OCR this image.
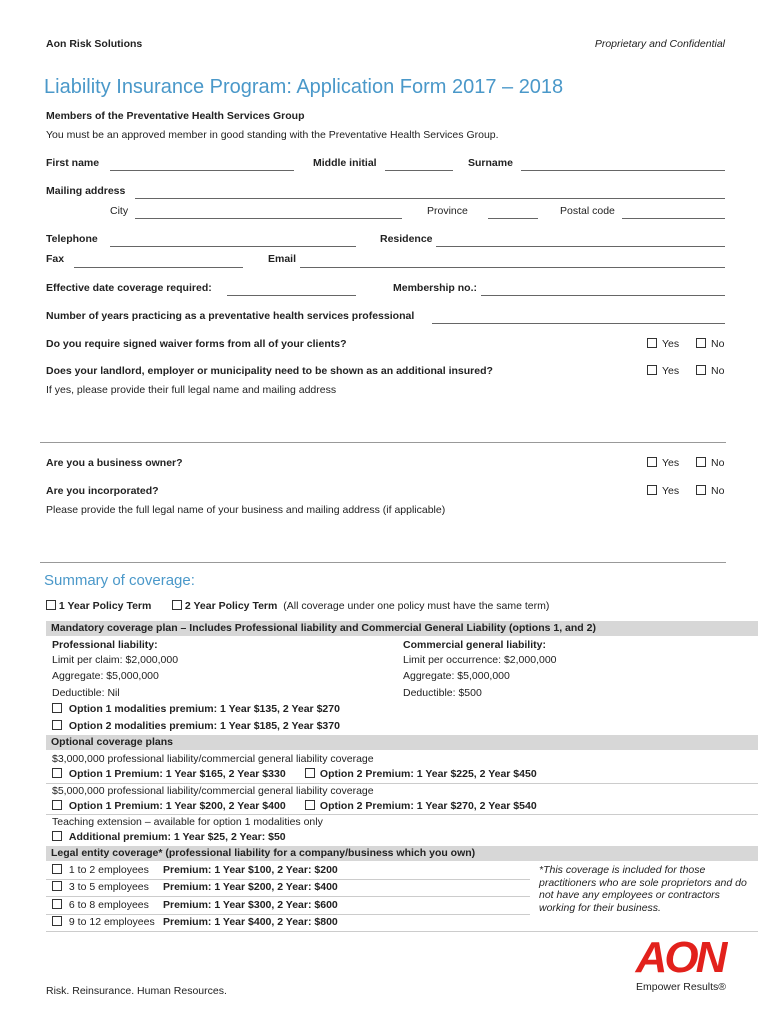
Aon Risk Solutions	Proprietary and Confidential
Liability Insurance Program: Application Form 2017 – 2018
Members of the Preventative Health Services Group
You must be an approved member in good standing with the Preventative Health Services Group.
First name	Middle initial	Surname
Mailing address
City	Province	Postal code
Telephone	Residence
Fax	Email
Effective date coverage required:	Membership no.:
Number of years practicing as a preventative health services professional
Do you require signed waiver forms from all of your clients?	Yes	No
Does your landlord, employer or municipality need to be shown as an additional insured?	Yes	No
If yes, please provide their full legal name and mailing address
Are you a business owner?	Yes	No
Are you incorporated?	Yes	No
Please provide the full legal name of your business and mailing address (if applicable)
Summary of coverage:
1 Year Policy Term	2 Year Policy Term (All coverage under one policy must have the same term)
Mandatory coverage plan – Includes Professional liability and Commercial General Liability (options 1, and 2)
Professional liability:
Limit per claim: $2,000,000
Aggregate: $5,000,000
Deductible: Nil
Commercial general liability:
Limit per occurrence: $2,000,000
Aggregate: $5,000,000
Deductible: $500
Option 1 modalities premium: 1 Year $135, 2 Year $270
Option 2 modalities premium: 1 Year $185, 2 Year $370
Optional coverage plans
$3,000,000 professional liability/commercial general liability coverage
Option 1 Premium: 1 Year $165, 2 Year $330	Option 2 Premium: 1 Year $225, 2 Year $450
$5,000,000 professional liability/commercial general liability coverage
Option 1 Premium: 1 Year $200, 2 Year $400	Option 2 Premium: 1 Year $270, 2 Year $540
Teaching extension – available for option 1 modalities only
Additional premium: 1 Year $25, 2 Year: $50
Legal entity coverage* (professional liability for a company/business which you own)
1 to 2 employees Premium: 1 Year $100, 2 Year: $200
3 to 5 employees Premium: 1 Year $200, 2 Year: $400
6 to 8 employees Premium: 1 Year $300, 2 Year: $600
9 to 12 employees Premium: 1 Year $400, 2 Year: $800
*This coverage is included for those practitioners who are sole proprietors and do not have any employees or contractors working for their business.
Risk. Reinsurance. Human Resources.
AON
Empower Results®
